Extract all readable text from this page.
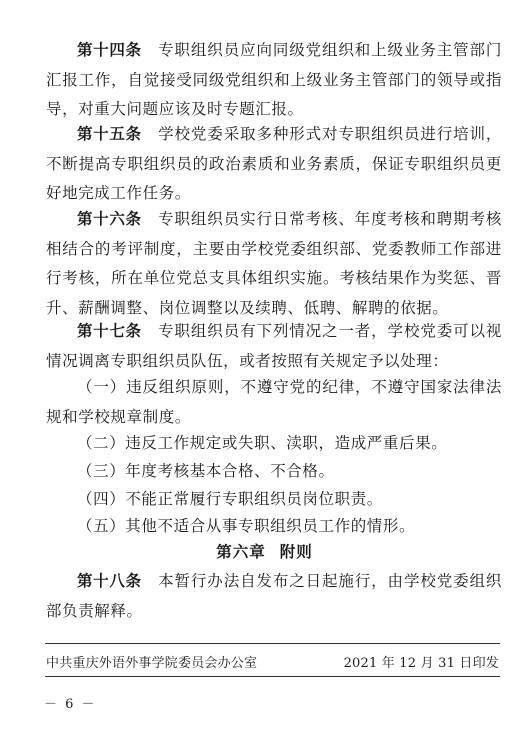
第十四条　 专职组织员应向同级党组织和上级业务主管部门汇报工作，自觉接受同级党组织和上级业务主管部门的领导或指导，对重大问题应该及时专题汇报。

第十五条　 学校党委采取多种形式对专职组织员进行培训，不断提高专职组织员的政治素质和业务素质，保证专职组织员更好地完成工作任务。

第十六条　 专职组织员实行日常考核、年度考核和聘期考核相结合的考评制度，主要由学校党委组织部、党委教师工作部进行考核，所在单位党总支具体组织实施。考核结果作为奖惩、晋升、薪酬调整、岗位调整以及续聘、低聘、解聘的依据。

第十七条　 专职组织员有下列情况之一者，学校党委可以视情况调离专职组织员队伍，或者按照有关规定予以处理：

（一）违反组织原则，不遵守党的纪律，不遵守国家法律法规和学校规章制度。

（二）违反工作规定或失职、渎职，造成严重后果。

（三）年度考核基本合格、不合格。

（四）不能正常履行专职组织员岗位职责。

（五）其他不适合从事专职组织员工作的情形。

第六章 附则

第十八条　 本暂行办法自发布之日起施行，由学校党委组织部负责解释。

中共重庆外语外事学院委员会办公室	2021 年 12 月 31 日印发
－ 6 －
